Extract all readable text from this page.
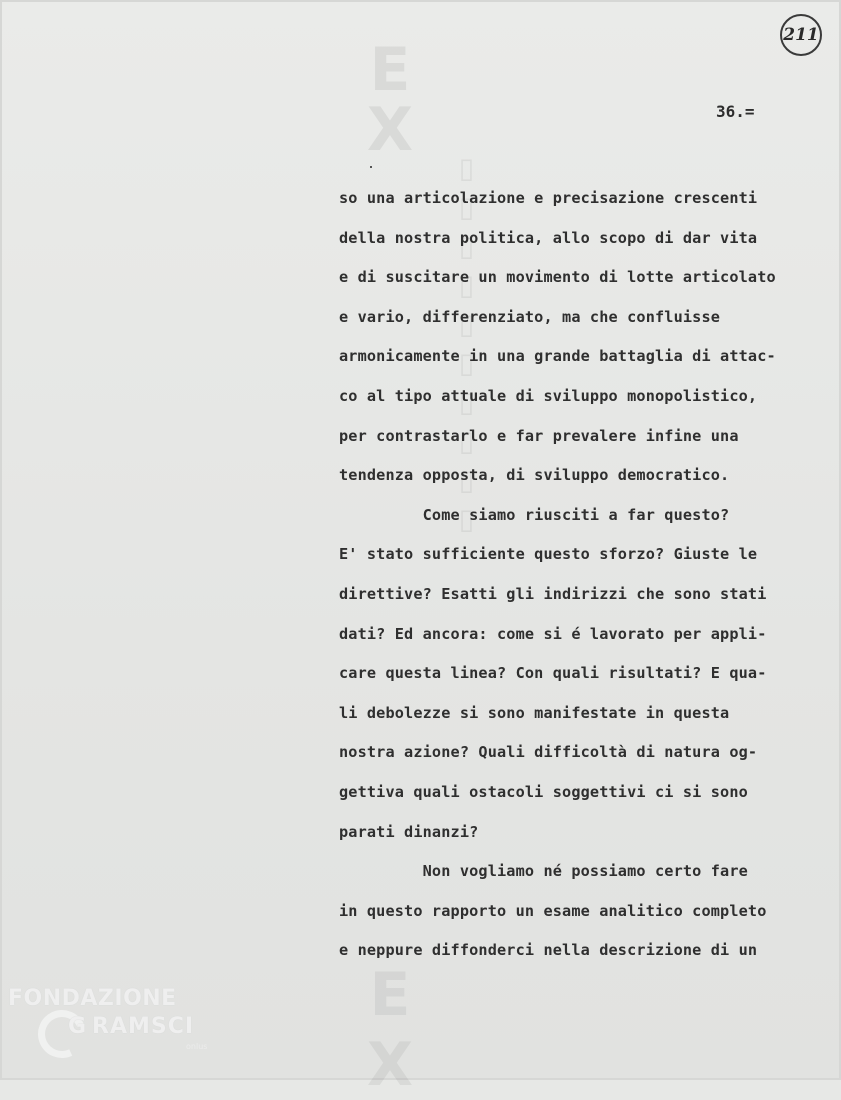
E
X
▯▯▯▯▯▯▯▯▯▯
E
X
211
36.=
so una articolazione e precisazione crescenti
della nostra politica, allo scopo di dar vita
e di suscitare un movimento di lotte articolato
e vario, differenziato, ma che confluisse
armonicamente in una grande battaglia di attac-
co al tipo attuale di sviluppo monopolistico,
per contrastarlo e far prevalere infine una
tendenza opposta, di sviluppo democratico.
Come siamo riusciti a far questo?
E' stato sufficiente questo sforzo? Giuste le
direttive? Esatti gli indirizzi che sono stati
dati? Ed ancora: come si é lavorato per appli-
care questa linea? Con quali risultati? E qua-
li debolezze si sono manifestate in questa
nostra azione? Quali difficoltà di natura og-
gettiva quali ostacoli soggettivi ci si sono
parati dinanzi?
Non vogliamo né possiamo certo fare
in questo rapporto un esame analitico completo
e neppure diffonderci nella descrizione di un
FONDAZIONE
G RAMSCI
onlus
